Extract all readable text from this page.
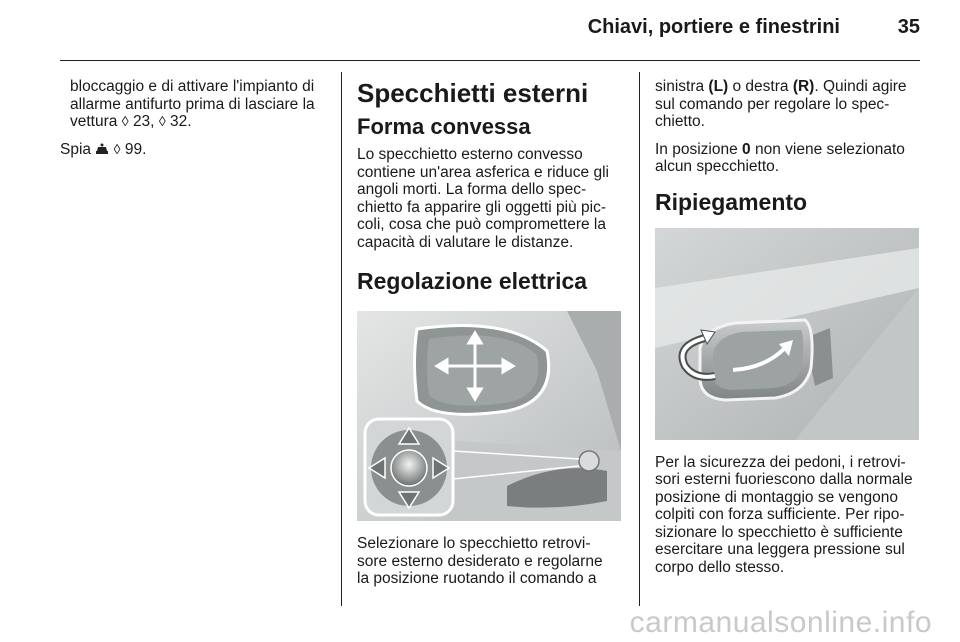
Chiavi, portiere e finestrini	35

bloccaggio e di attivare l'impianto di allarme antifurto prima di lasciare la vettura ◊ 23, ◊ 32.

Spia ◊ 99.

Specchietti esterni
Forma convessa

Lo specchietto esterno convesso
contiene un'area asferica e riduce gli
angoli morti. La forma dello spec-
chietto fa apparire gli oggetti più pic-
coli, cosa che può compromettere la
capacità di valutare le distanze.

Regolazione elettrica

Selezionare lo specchietto retrovi-
sore esterno desiderato e regolarne
la posizione ruotando il comando a

sinistra (L) o destra (R). Quindi agire
sul comando per regolare lo spec-
chietto.

In posizione 0 non viene selezionato
alcun specchietto.

Ripiegamento

Per la sicurezza dei pedoni, i retrovi-
sori esterni fuoriescono dalla normale
posizione di montaggio se vengono
colpiti con forza sufficiente. Per ripo-
sizionare lo specchietto è sufficiente
esercitare una leggera pressione sul
corpo dello stesso.

carmanualsonline.info
